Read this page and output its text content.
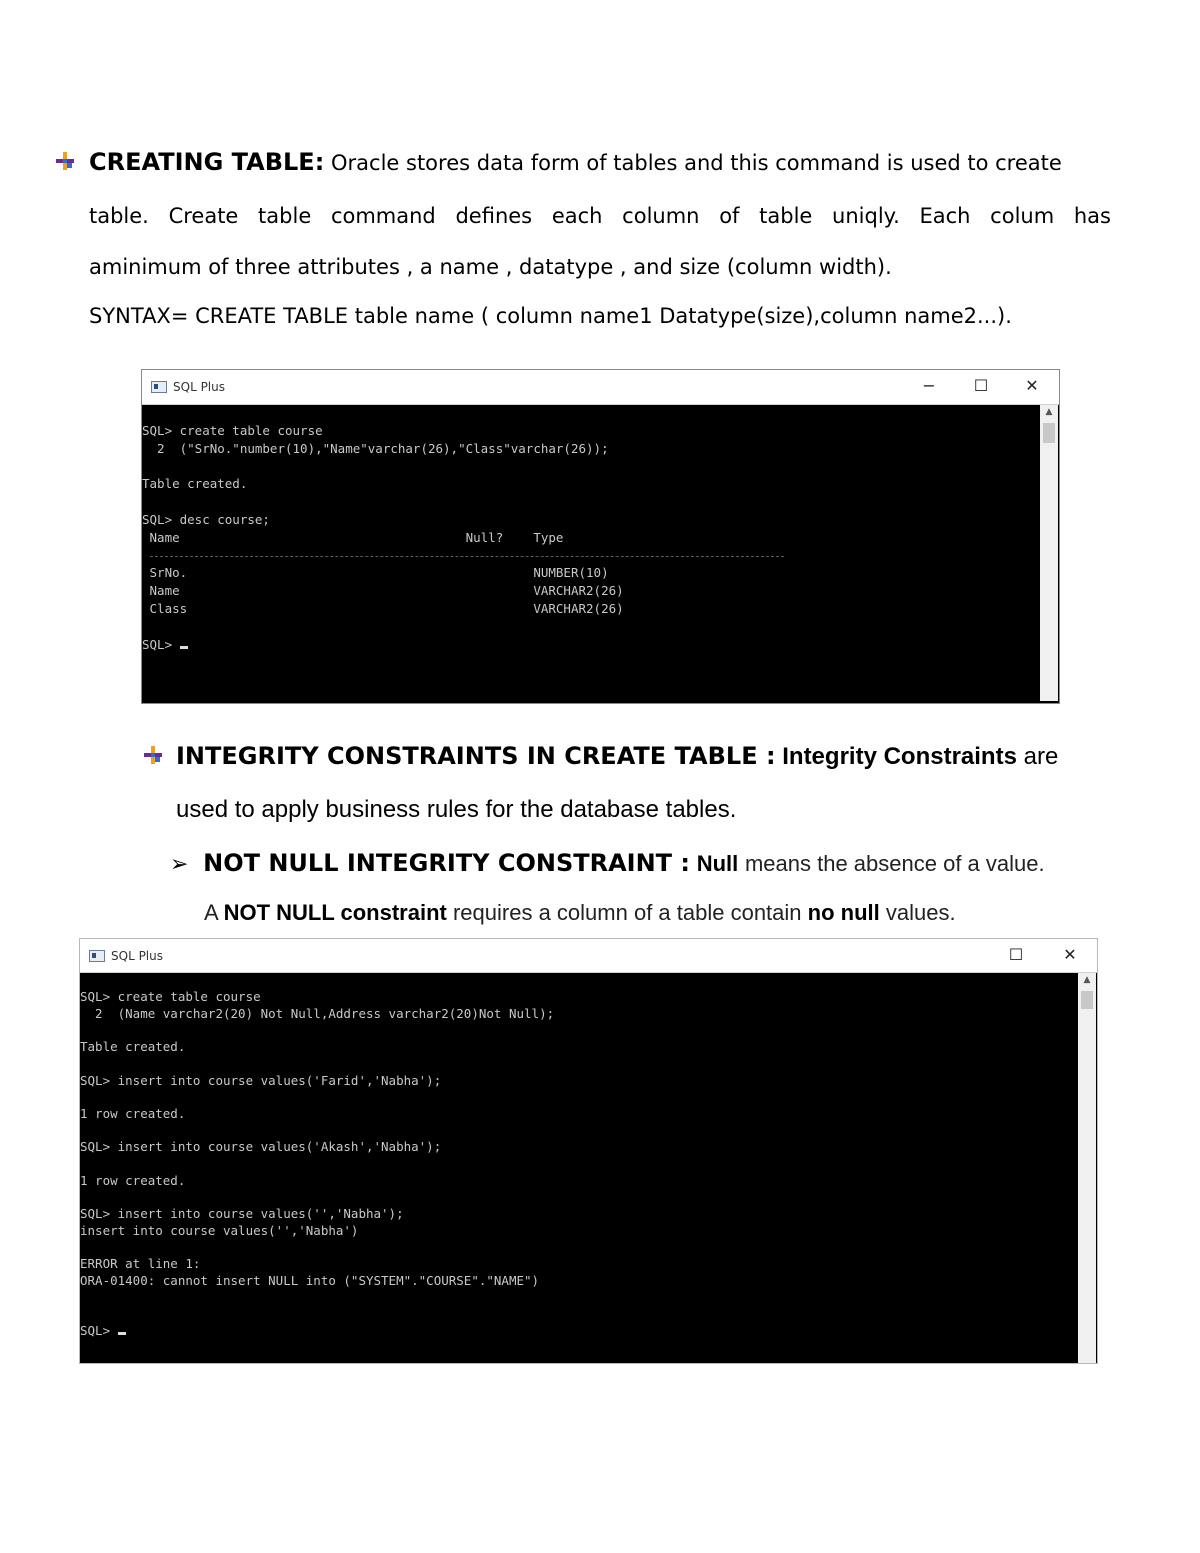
CREATING TABLE: Oracle stores data form of tables and this command is used to create
table. Create table command defines each column of table uniqly. Each colum has
aminimum of three attributes , a name , datatype , and size (column width).
SYNTAX= CREATE TABLE table name ( column name1 Datatype(size),column name2...).
SQL Plus	−	☐	✕
SQL> create table course
2  ("SrNo."number(10),"Name"varchar(26),"Class"varchar(26));

Table created.

SQL> desc course;
Name                                      Null?    Type

SrNo.                                              NUMBER(10)
Name                                               VARCHAR2(26)
Class                                              VARCHAR2(26)

SQL>
▲
INTEGRITY CONSTRAINTS IN CREATE TABLE : Integrity Constraints are
used to apply business rules for the database tables.
➢ NOT NULL INTEGRITY CONSTRAINT : Null means the absence of a value.
A NOT NULL constraint requires a column of a table contain no null values.
SQL Plus	☐	✕
SQL> create table course
2  (Name varchar2(20) Not Null,Address varchar2(20)Not Null);

Table created.

SQL> insert into course values('Farid','Nabha');

1 row created.

SQL> insert into course values('Akash','Nabha');

1 row created.

SQL> insert into course values('','Nabha');
insert into course values('','Nabha')

ERROR at line 1:
ORA-01400: cannot insert NULL into ("SYSTEM"."COURSE"."NAME")

SQL>
▲
